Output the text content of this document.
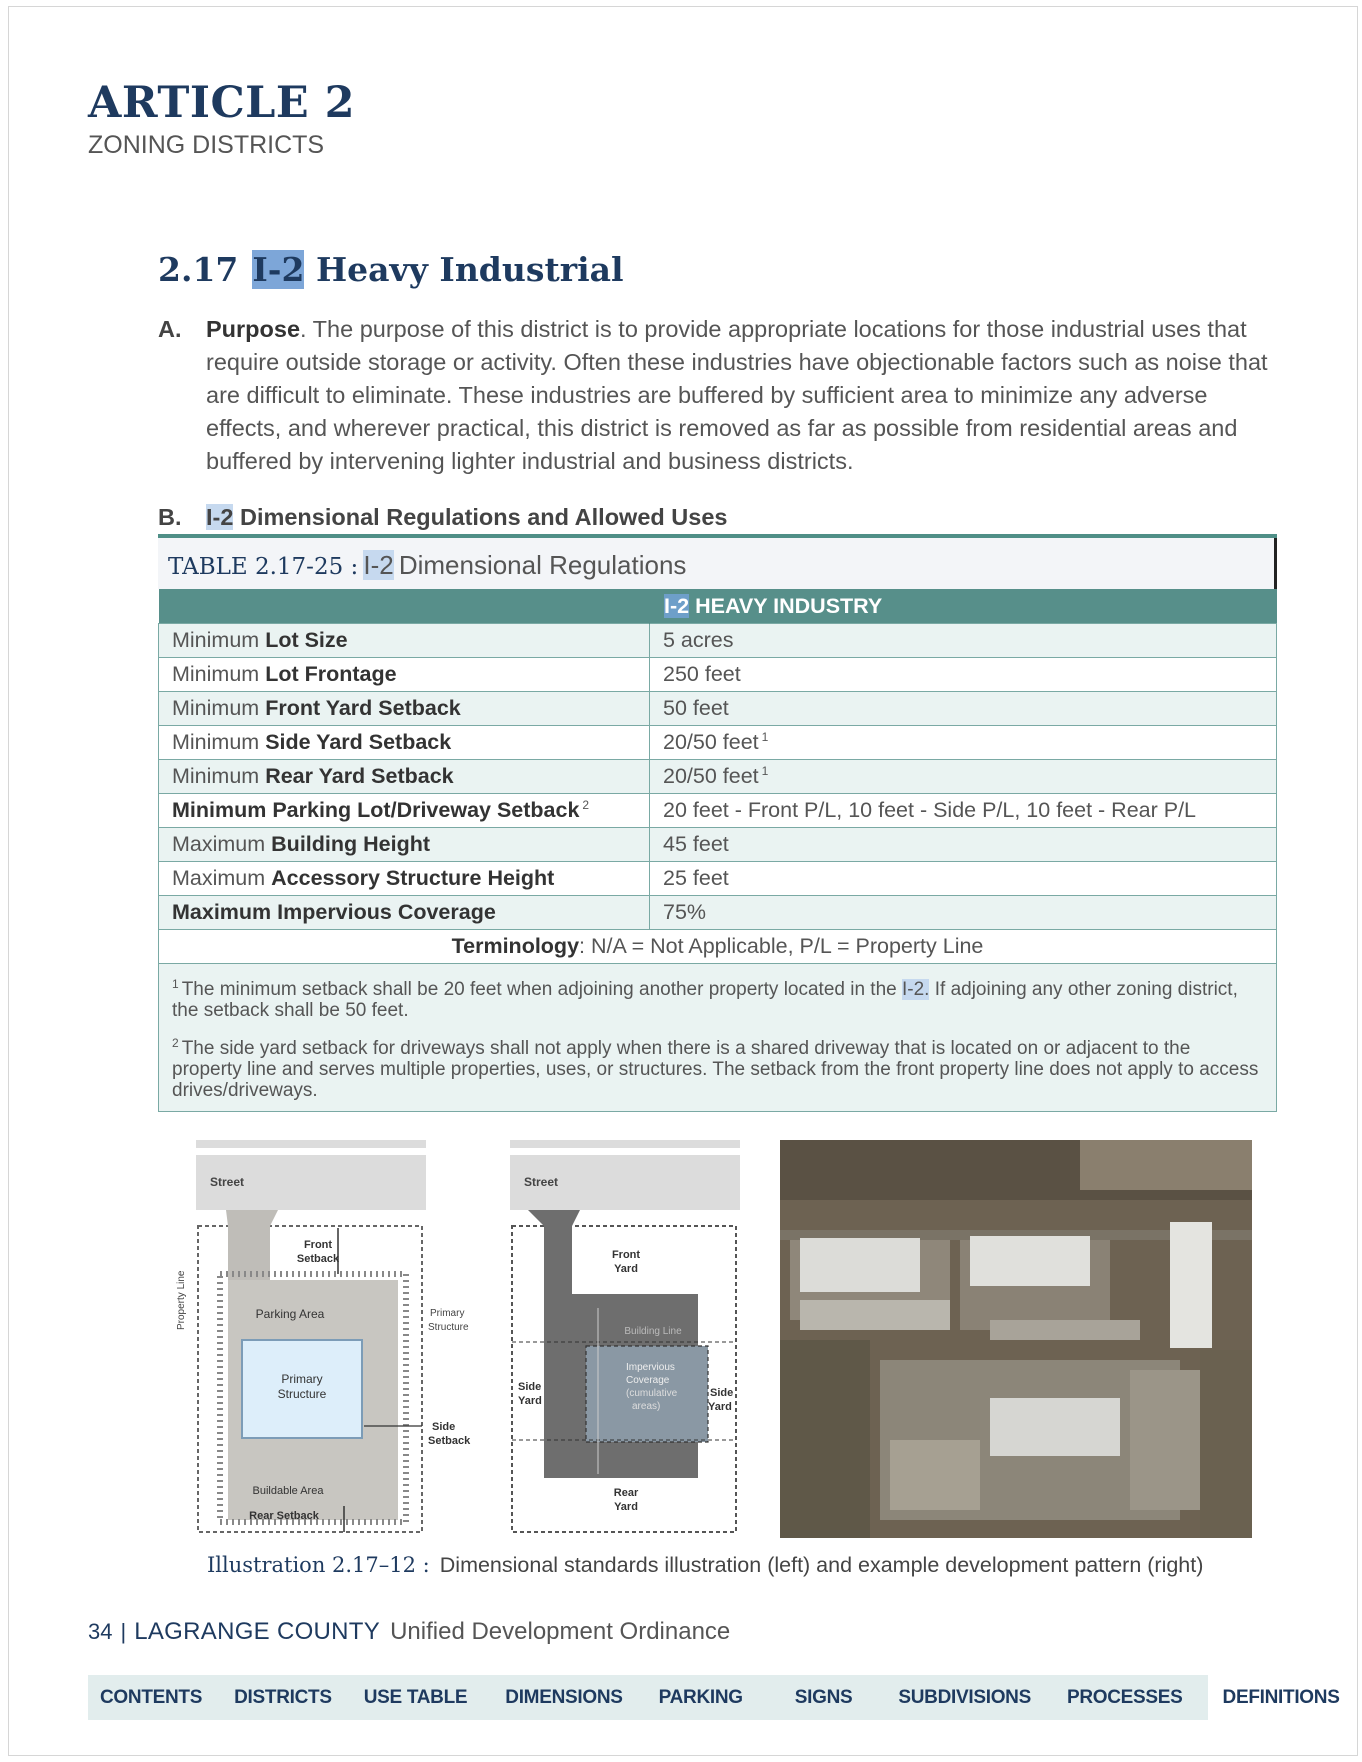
ARTICLE 2
ZONING DISTRICTS
2.17 I-2 Heavy Industrial
A. Purpose. The purpose of this district is to provide appropriate locations for those industrial uses that require outside storage or activity. Often these industries have objectionable factors such as noise that are difficult to eliminate. These industries are buffered by sufficient area to minimize any adverse effects, and wherever practical, this district is removed as far as possible from residential areas and buffered by intervening lighter industrial and business districts.
B. I-2 Dimensional Regulations and Allowed Uses
TABLE 2.17-25 : I-2 Dimensional Regulations
	I-2 HEAVY INDUSTRY
Minimum Lot Size	5 acres
Minimum Lot Frontage	250 feet
Minimum Front Yard Setback	50 feet
Minimum Side Yard Setback	20/50 feet $^1$
Minimum Rear Yard Setback	20/50 feet $^1$
Minimum Parking Lot/Driveway Setback $^2$	20 feet - Front P/L, 10 feet - Side P/L, 10 feet - Rear P/L
Maximum Building Height	45 feet
Maximum Accessory Structure Height	25 feet
Maximum Impervious Coverage	75%
Terminology: N/A = Not Applicable, P/L = Property Line	

$^1$ The minimum setback shall be 20 feet when adjoining another property located in the I-2. If adjoining any other zoning district, the setback shall be 50 feet.

$^2$ The side yard setback for driveways shall not apply when there is a shared driveway that is located on or adjacent to the property line and serves multiple properties, uses, or structures. The setback from the front property line does not apply to access drives/driveways.	

Street
Parking Area
Primary
Structure
Front
Setback
Property Line	Primary
Structure
Side
Setback
Buildable Area
Rear Setback
Street
Front
Yard
Building Line
Impervious
Coverage
(cumulative
areas)
Side
Yard
Side
Yard
Rear
Yard
Illustration 2.17–12 : Dimensional standards illustration (left) and example development pattern (right)
34 | LAGRANGE COUNTY Unified Development Ordinance
CONTENTS DISTRICTS USE TABLE DIMENSIONS PARKING	SIGNS SUBDIVISIONS PROCESSES DEFINITIONS
